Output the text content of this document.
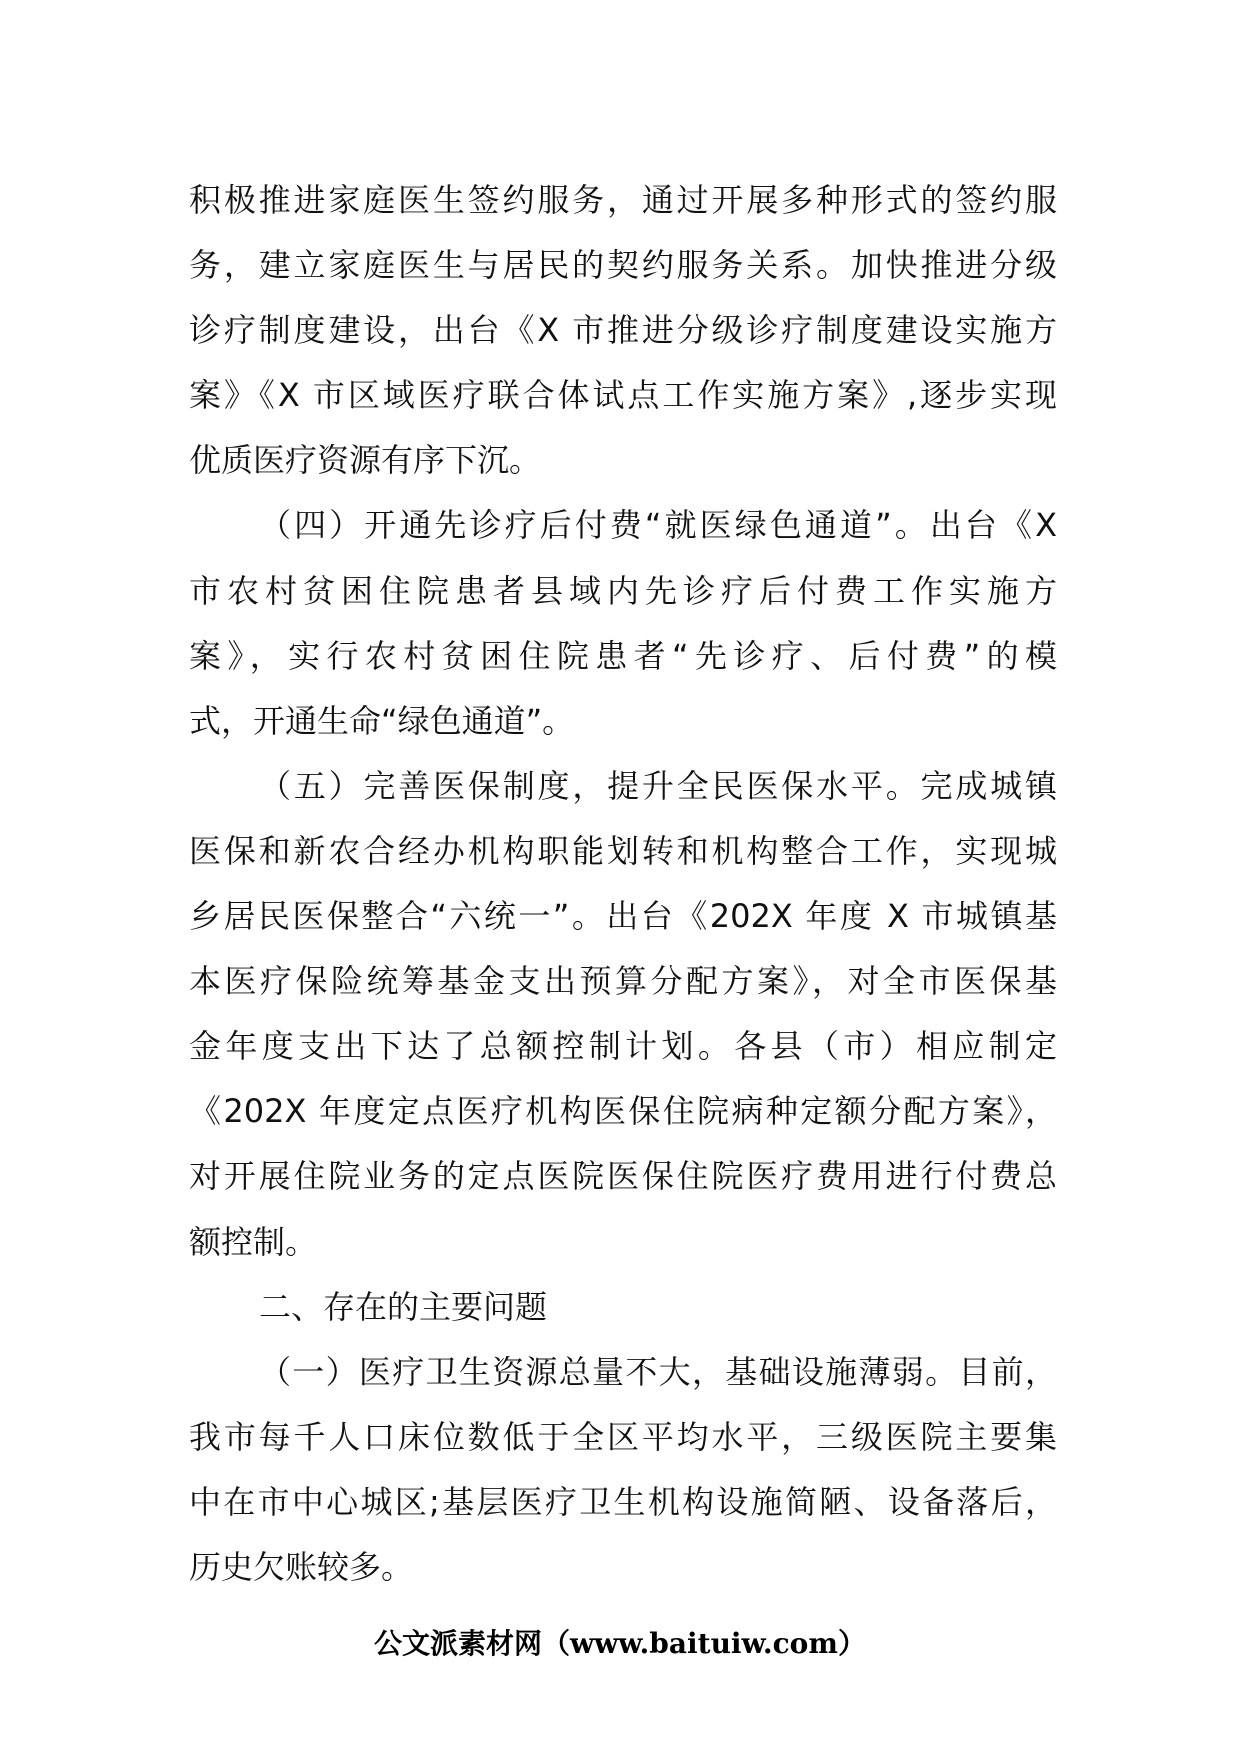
积极推进家庭医生签约服务，通过开展多种形式的签约服
务，建立家庭医生与居民的契约服务关系。加快推进分级
诊疗制度建设，出台《X 市推进分级诊疗制度建设实施方
案》《X 市区域医疗联合体试点工作实施方案》,逐步实现
优质医疗资源有序下沉。
（四）开通先诊疗后付费“就医绿色通道”。出台《X
市农村贫困住院患者县域内先诊疗后付费工作实施方
案》，实行农村贫困住院患者“先诊疗、后付费”的模
式，开通生命“绿色通道”。
（五）完善医保制度，提升全民医保水平。完成城镇
医保和新农合经办机构职能划转和机构整合工作，实现城
乡居民医保整合“六统一”。出台《202X 年度 X 市城镇基
本医疗保险统筹基金支出预算分配方案》，对全市医保基
金年度支出下达了总额控制计划。各县（市）相应制定
《202X 年度定点医疗机构医保住院病种定额分配方案》，
对开展住院业务的定点医院医保住院医疗费用进行付费总
额控制。
二、存在的主要问题
（一）医疗卫生资源总量不大，基础设施薄弱。目前，
我市每千人口床位数低于全区平均水平，三级医院主要集
中在市中心城区;基层医疗卫生机构设施简陋、设备落后，
历史欠账较多。
公文派素材网（www.baituiw.com）
